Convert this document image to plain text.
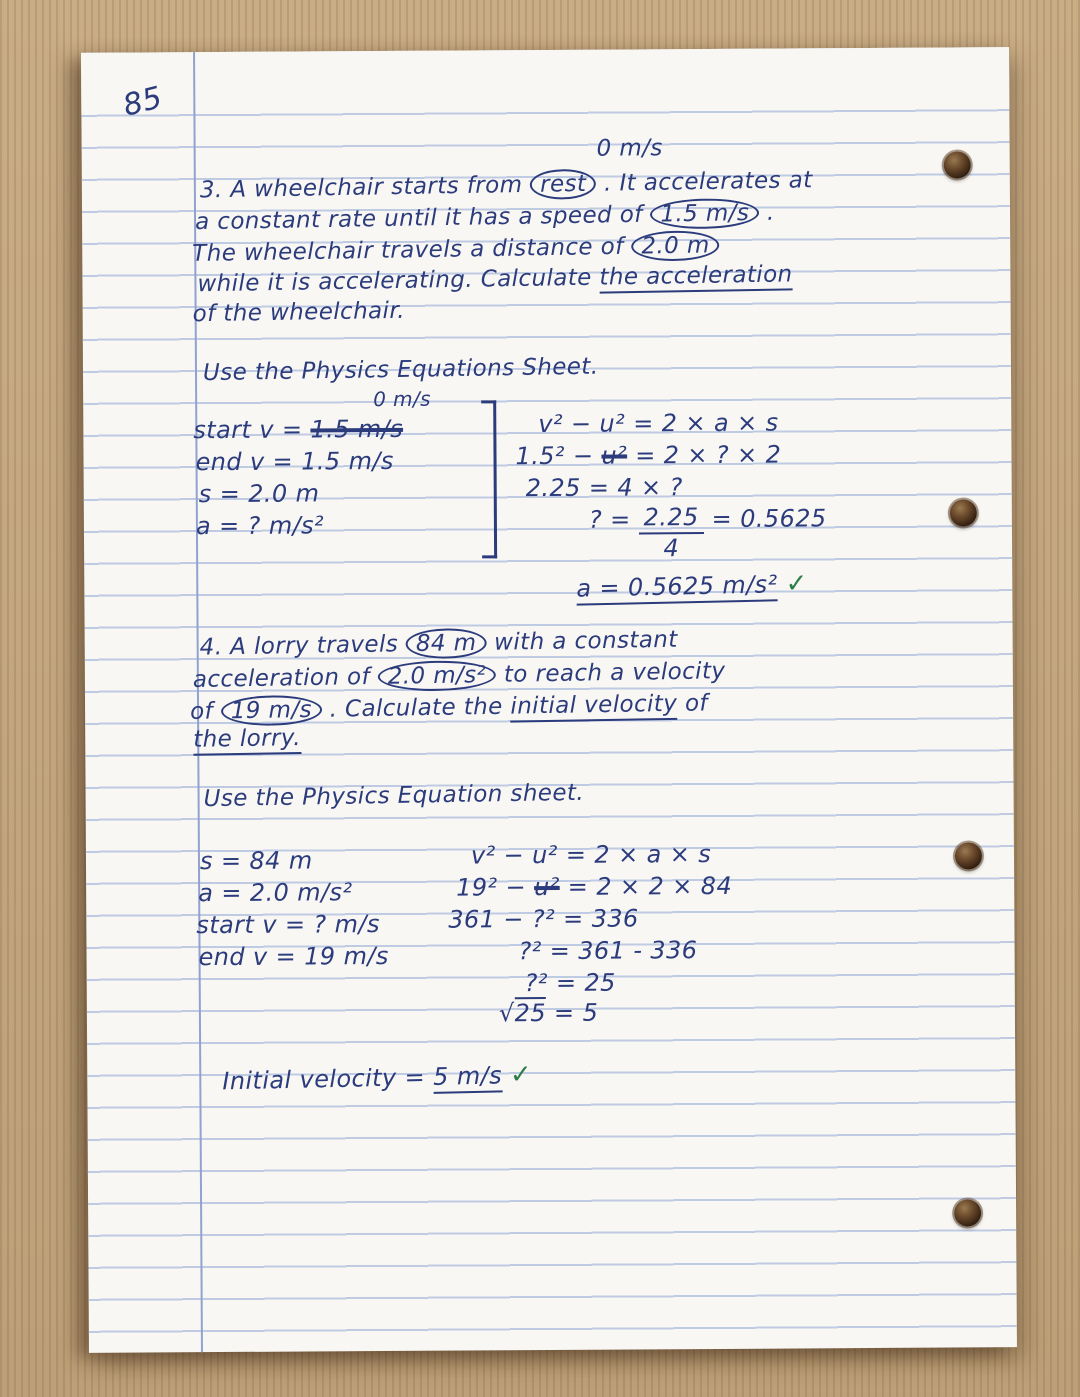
85
0 m/s
3. A wheelchair starts from rest . It accelerates at
a constant rate until it has a speed of 1.5 m/s .
The wheelchair travels a distance of 2.0 m
while it is accelerating. Calculate the acceleration
of the wheelchair.
Use the Physics Equations Sheet.
0 m/s
start v = 1.5 m/s
end v = 1.5 m/s
s = 2.0 m
a = ? m/s²
v² − u² = 2 × a × s
1.5² − u² = 2 × ? × 2
2.25 = 4 × ?
? = $\frac{2.25}{4} = 0.5625$
a = 0.5625 m/s² ✓
4. A lorry travels 84 m with a constant
acceleration of 2.0 m/s² to reach a velocity
of 19 m/s . Calculate the initial velocity of
the lorry.
Use the Physics Equation sheet.
s = 84 m
a = 2.0 m/s²
start v = ? m/s
end v = 19 m/s
v² − u² = 2 × a × s
19² − u² = 2 × 2 × 84
361 − ?² = 336
?² = 361 - 336
?² = 25
√25 = 5
Initial velocity = 5 m/s ✓
